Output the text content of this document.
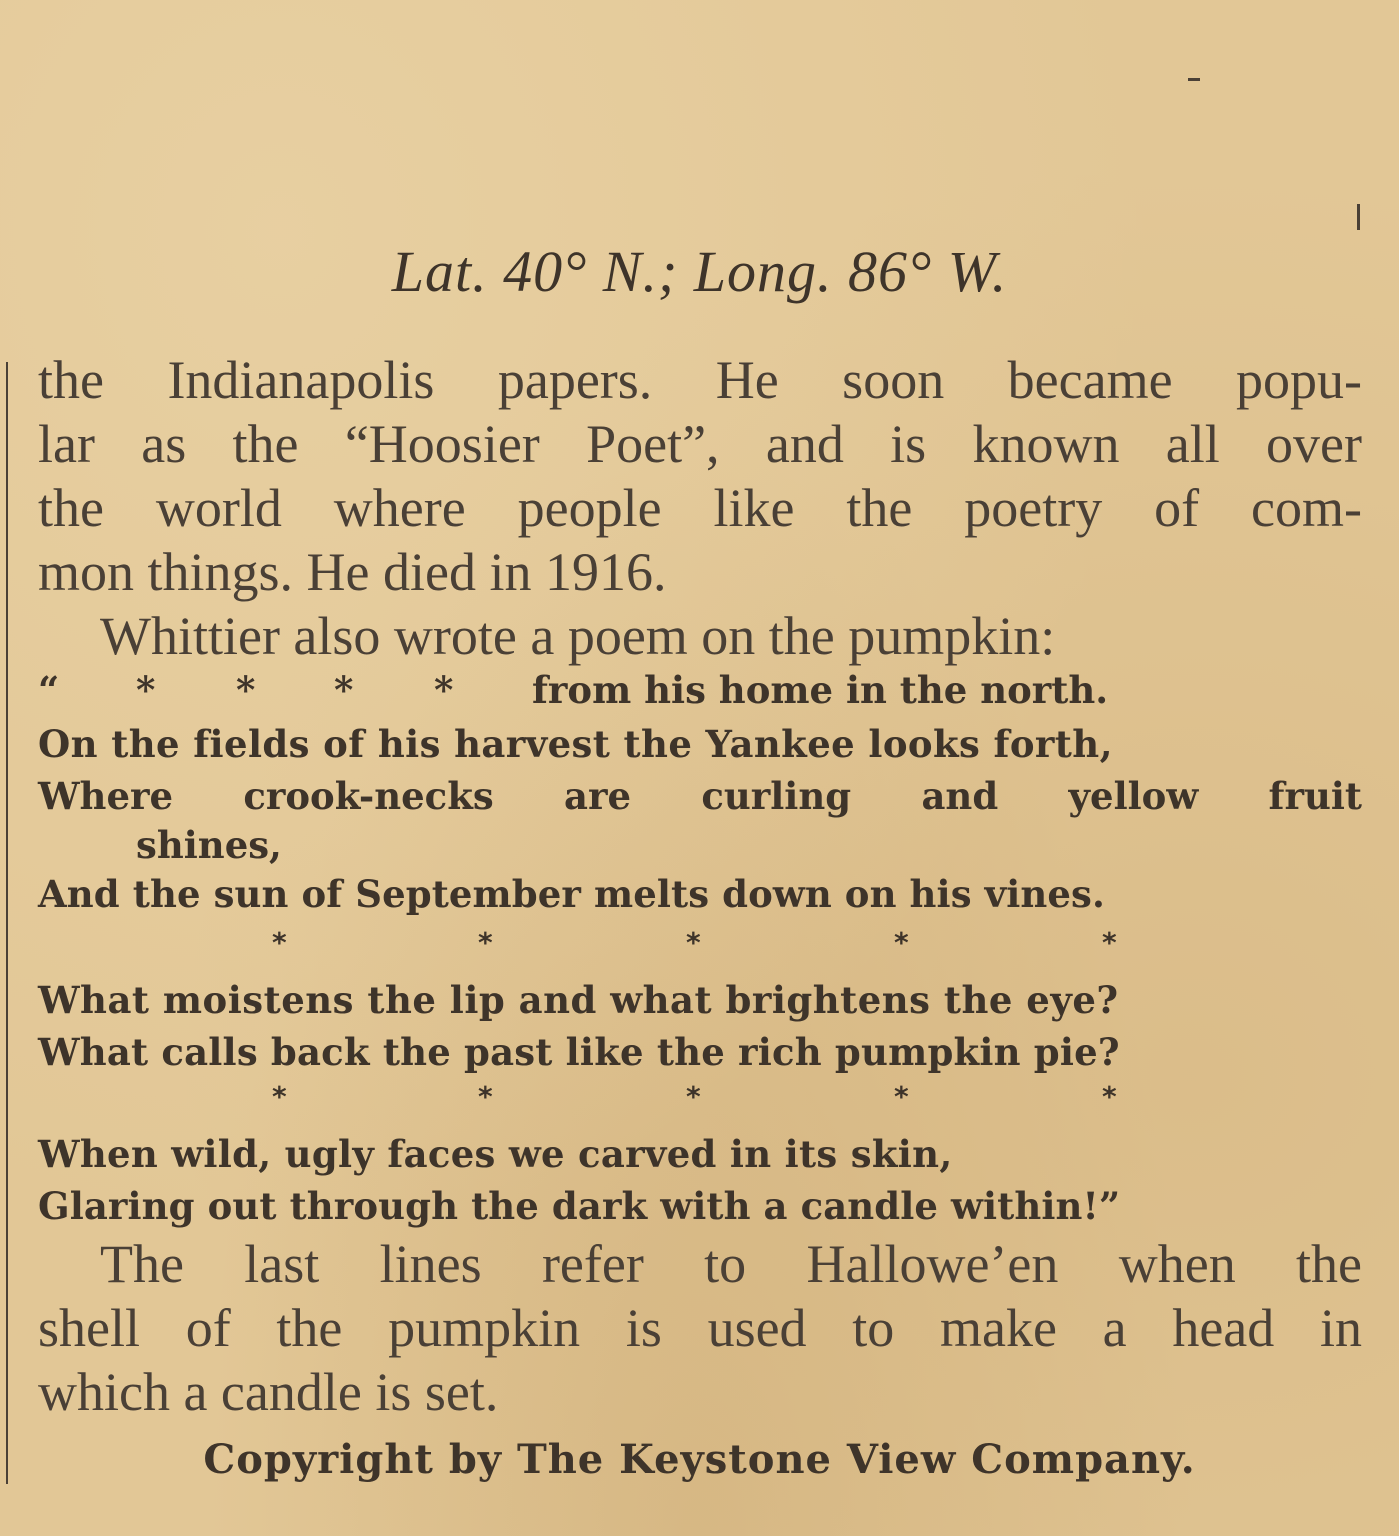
Lat. 40° N.; Long. 86° W.
the Indianapolis papers. He soon became popu-
lar as the “Hoosier Poet”, and is known all over
the world where people like the poetry of com-
mon things. He died in 1916.
Whittier also wrote a poem on the pumpkin:
“ * * * * from his home in the north.
On the fields of his harvest the Yankee looks forth,
Where crook-necks are curling and yellow fruit
shines,
And the sun of September melts down on his vines.
*	*	*	*	*
What moistens the lip and what brightens the eye?
What calls back the past like the rich pumpkin pie?
*	*	*	*	*
When wild, ugly faces we carved in its skin,
Glaring out through the dark with a candle within!”
The last lines refer to Hallowe’en when the
shell of the pumpkin is used to make a head in
which a candle is set.
Copyright by The Keystone View Company.
